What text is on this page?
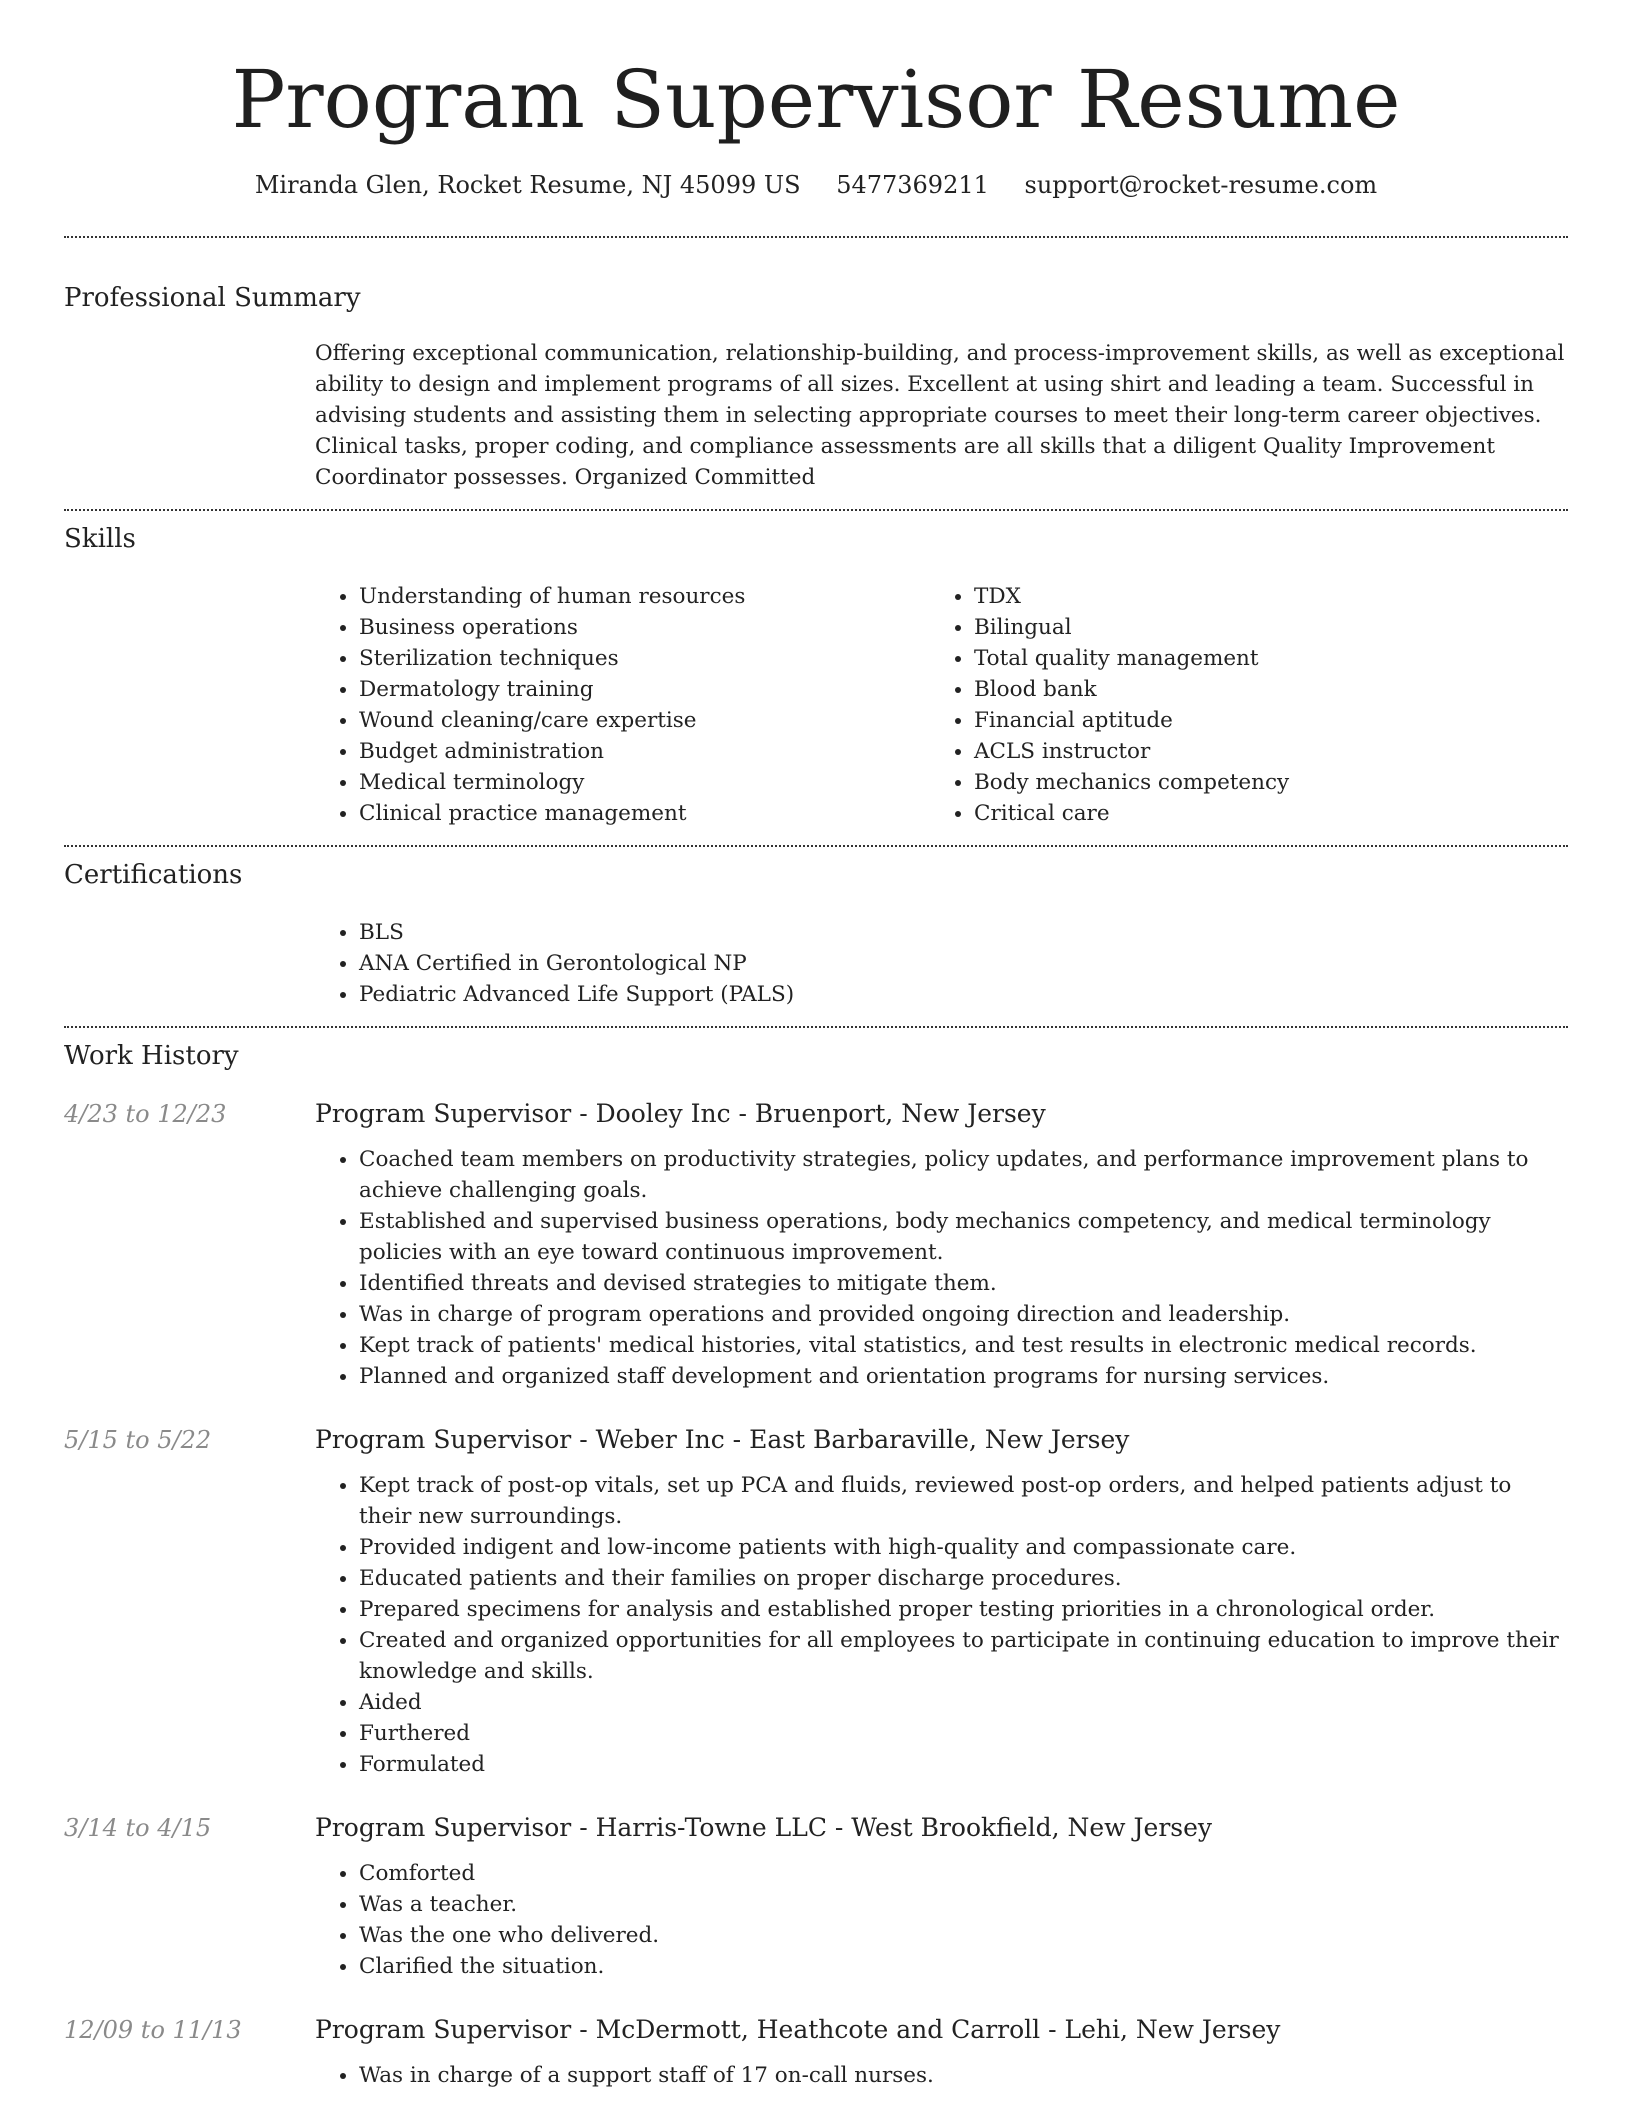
Program Supervisor Resume
Miranda Glen, Rocket Resume, NJ 45099 US 5477369211 support@rocket-resume.com
Professional Summary
Offering exceptional communication, relationship-building, and process-improvement skills, as well as exceptional ability to design and implement programs of all sizes. Excellent at using shirt and leading a team. Successful in advising students and assisting them in selecting appropriate courses to meet their long-term career objectives. Clinical tasks, proper coding, and compliance assessments are all skills that a diligent Quality Improvement Coordinator possesses. Organized Committed
Skills
• Understanding of human resources
• Business operations
• Sterilization techniques
• Dermatology training
• Wound cleaning/care expertise
• Budget administration
• Medical terminology
• Clinical practice management
• TDX
• Bilingual
• Total quality management
• Blood bank
• Financial aptitude
• ACLS instructor
• Body mechanics competency
• Critical care
Certifications
• BLS
• ANA Certified in Gerontological NP
• Pediatric Advanced Life Support (PALS)
Work History
4/23 to 12/23	Program Supervisor - Dooley Inc - Bruenport, New Jersey
• Coached team members on productivity strategies, policy updates, and performance improvement plans to achieve challenging goals.
• Established and supervised business operations, body mechanics competency, and medical terminology policies with an eye toward continuous improvement.
• Identified threats and devised strategies to mitigate them.
• Was in charge of program operations and provided ongoing direction and leadership.
• Kept track of patients' medical histories, vital statistics, and test results in electronic medical records.
• Planned and organized staff development and orientation programs for nursing services.
5/15 to 5/22	Program Supervisor - Weber Inc - East Barbaraville, New Jersey
• Kept track of post-op vitals, set up PCA and fluids, reviewed post-op orders, and helped patients adjust to their new surroundings.
• Provided indigent and low-income patients with high-quality and compassionate care.
• Educated patients and their families on proper discharge procedures.
• Prepared specimens for analysis and established proper testing priorities in a chronological order.
• Created and organized opportunities for all employees to participate in continuing education to improve their knowledge and skills.
• Aided
• Furthered
• Formulated
3/14 to 4/15	Program Supervisor - Harris-Towne LLC - West Brookfield, New Jersey
• Comforted
• Was a teacher.
• Was the one who delivered.
• Clarified the situation.
12/09 to 11/13	Program Supervisor - McDermott, Heathcote and Carroll - Lehi, New Jersey
• Was in charge of a support staff of 17 on-call nurses.
